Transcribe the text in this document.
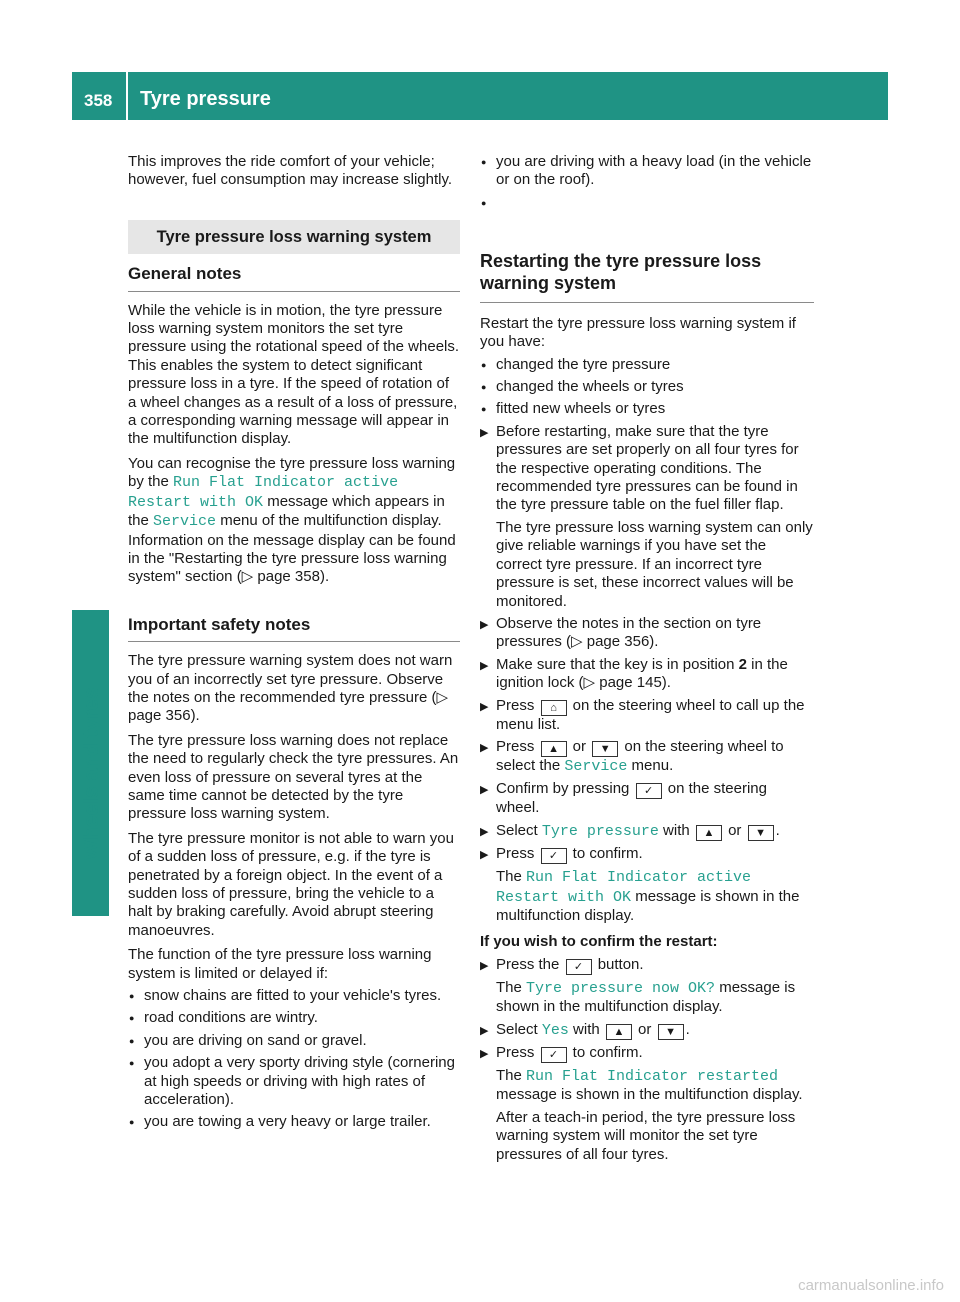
358 Tyre pressure
Wheels and tyres

This improves the ride comfort of your vehicle; however, fuel consumption may increase slightly.

Tyre pressure loss warning system
General notes

While the vehicle is in motion, the tyre pressure loss warning system monitors the set tyre pressure using the rotational speed of the wheels. This enables the system to detect significant pressure loss in a tyre. If the speed of rotation of a wheel changes as a result of a loss of pressure, a corresponding warning message will appear in the multifunction display.

You can recognise the tyre pressure loss warning by the Run Flat Indicator active Restart with OK message which appears in the Service menu of the multifunction display. Information on the message display can be found in the "Restarting the tyre pressure loss warning system" section (▷ page 358).

Important safety notes

The tyre pressure warning system does not warn you of an incorrectly set tyre pressure. Observe the notes on the recommended tyre pressure (▷ page 356).

The tyre pressure loss warning does not replace the need to regularly check the tyre pressures. An even loss of pressure on several tyres at the same time cannot be detected by the tyre pressure loss warning system.

The tyre pressure monitor is not able to warn you of a sudden loss of pressure, e.g. if the tyre is penetrated by a foreign object. In the event of a sudden loss of pressure, bring the vehicle to a halt by braking carefully. Avoid abrupt steering manoeuvres.

The function of the tyre pressure loss warning system is limited or delayed if:

● snow chains are fitted to your vehicle's tyres.
● road conditions are wintry.
● you are driving on sand or gravel.
● you adopt a very sporty driving style (cornering at high speeds or driving with high rates of acceleration).
● you are towing a very heavy or large trailer.
● you are driving with a heavy load (in the vehicle or on the roof).
●
Restarting the tyre pressure loss warning system

Restart the tyre pressure loss warning system if you have:

● changed the tyre pressure
● changed the wheels or tyres
● fitted new wheels or tyres

▶ Before restarting, make sure that the tyre pressures are set properly on all four tyres for the respective operating conditions. The recommended tyre pressures can be found in the tyre pressure table on the fuel filler flap.

The tyre pressure loss warning system can only give reliable warnings if you have set the correct tyre pressure. If an incorrect tyre pressure is set, these incorrect values will be monitored.

▶ Observe the notes in the section on tyre pressures (▷ page 356).
▶ Make sure that the key is in position 2 in the ignition lock (▷ page 145).
▶ Press ⌂ on the steering wheel to call up the menu list.
▶ Press ▲ or ▼ on the steering wheel to select the Service menu.
▶ Confirm by pressing ✓ on the steering wheel.
▶ Select Tyre pressure with ▲ or ▼ .

▶ Press ✓ to confirm.

The Run Flat Indicator active Restart with OK message is shown in the multifunction display.

If you wish to confirm the restart:

▶ Press the ✓ button.

The Tyre pressure now OK? message is shown in the multifunction display.

▶ Select Yes with ▲ or ▼ .

▶ Press ✓ to confirm.

The Run Flat Indicator restarted message is shown in the multifunction display.

After a teach-in period, the tyre pressure loss warning system will monitor the set tyre pressures of all four tyres.

carmanualsonline.info
